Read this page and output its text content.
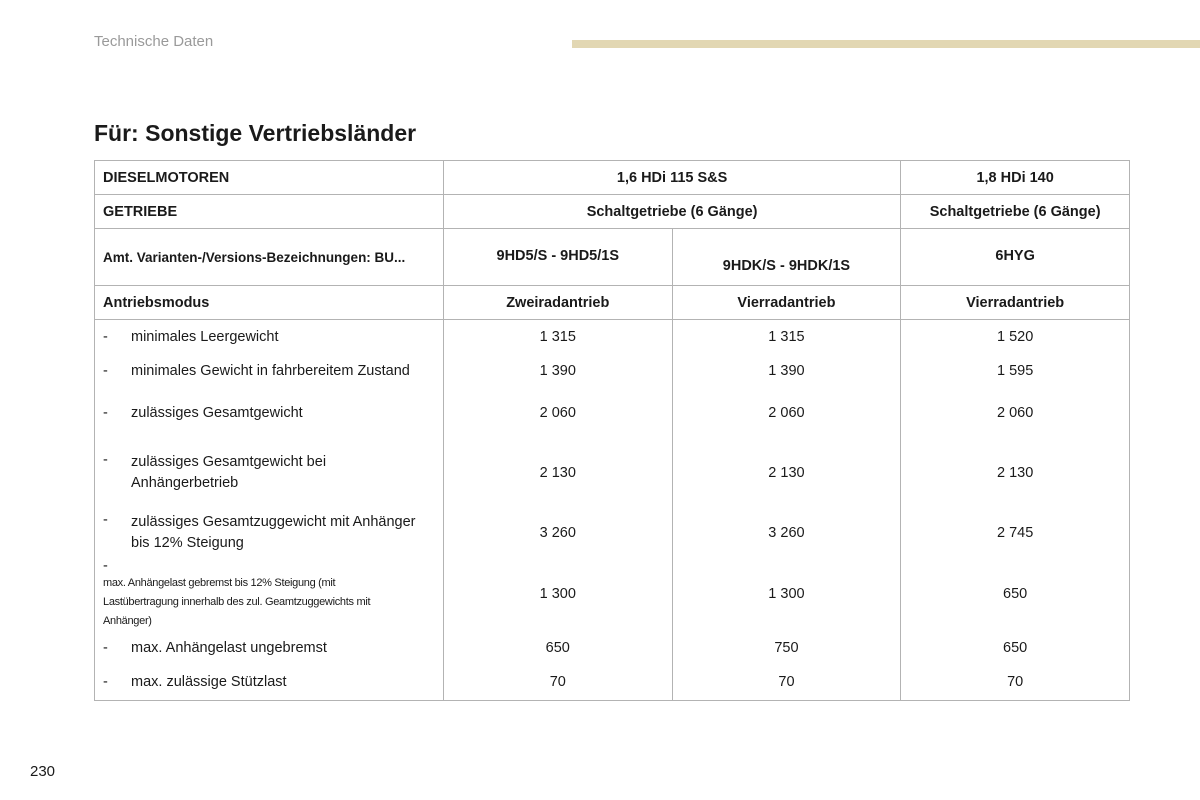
Technische Daten
Für: Sonstige Vertriebsländer
DIESELMOTOREN	1,6 HDi 115 S&S		1,8 HDi 140
GETRIEBE	Schaltgetriebe (6 Gänge)		Schaltgetriebe (6 Gänge)
Amt. Varianten-/Versions-Bezeichnungen: BU...	9HD5/S - 9HD5/1S	9HDK/S - 9HDK/1S	6HYG
Antriebsmodus	Zweiradantrieb	Vierradantrieb	Vierradantrieb
- minimales Leergewicht	1 315	1 315	1 520
- minimales Gewicht in fahrbereitem Zustand	1 390	1 390	1 595
- zulässiges Gesamtgewicht	2 060	2 060	2 060
- zulässiges Gesamtgewicht bei Anhängerbetrieb	2 130	2 130	2 130
- zulässiges Gesamtzuggewicht mit Anhänger bis 12% Steigung	3 260	3 260	2 745
-max. Anhängelast gebremst bis 12% Steigung (mit Lastübertragung innerhalb des zul. Geamtzuggewichts mit Anhänger)	1 300	1 300	650
- max. Anhängelast ungebremst	650	750	650
- max. zulässige Stützlast	70	70	70
230
